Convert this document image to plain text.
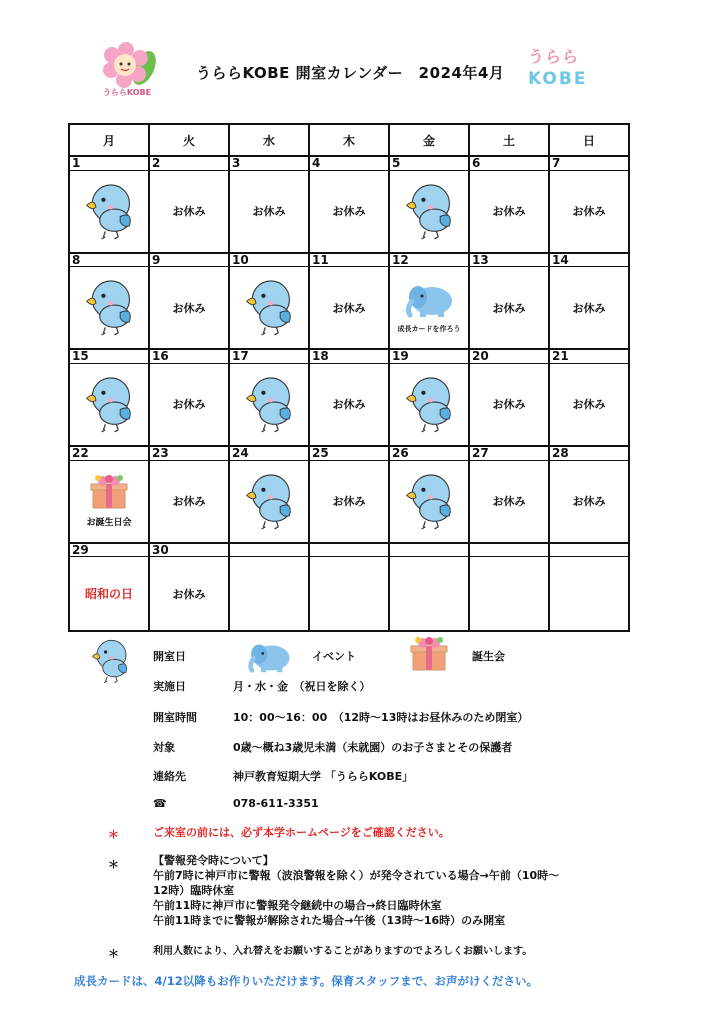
うららKOBE
うららKOBE 開室カレンダー　2024年4月
うらら
KOBE
月	火	水	木	金	土	日
1	2	3	4	5	6	7
	お休み	お休み	お休み		お休み	お休み
8	9	10	11	12	13	14
	お休み		お休み	成長カードを作ろう	お休み	お休み
15	16	17	18	19	20	21
	お休み		お休み		お休み	お休み
22	23	24	25	26	27	28

お誕生日会	お休み		お休み		お休み	お休み
29	30					
昭和の日	お休み					
開室日	イベント	誕生会
実施日	月・水・金　（祝日を除く）
開室時間	10：00～16：00　（12時～13時はお昼休みのため閉室）
対象	0歳～概ね3歳児未満（未就園）のお子さまとその保護者
連絡先	神戸教育短期大学 「うららKOBE」
☎	078-611-3351
＊	ご来室の前には、必ず本学ホームページをご確認ください。
＊	【警報発令時について】
午前7時に神戸市に警報（波浪警報を除く）が発令されている場合→午前（10時～
12時）臨時休室
午前11時に神戸市に警報発令継続中の場合→終日臨時休室
午前11時までに警報が解除された場合→午後（13時～16時）のみ開室
＊	利用人数により、入れ替えをお願いすることがありますのでよろしくお願いします。
成長カードは、4/12以降もお作りいただけます。保育スタッフまで、お声がけください。
